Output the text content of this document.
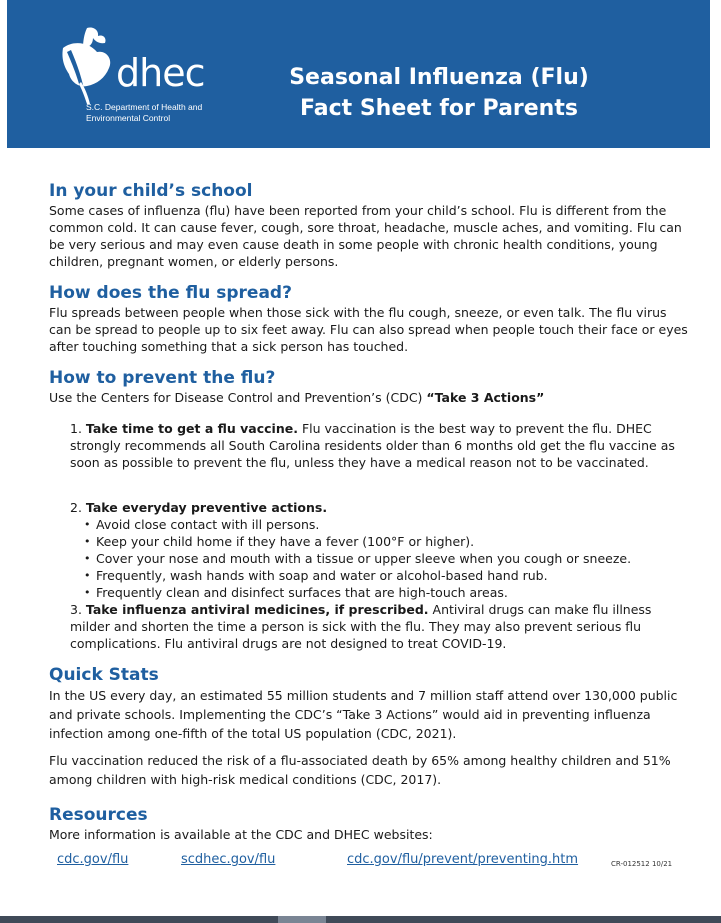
dhec
S.C. Department of Health and
Environmental Control
Seasonal Influenza (Flu)
Fact Sheet for Parents
In your child’s school

Some cases of influenza (flu) have been reported from your child’s school. Flu is different from the common cold. It can cause fever, cough, sore throat, headache, muscle aches, and vomiting. Flu can be very serious and may even cause death in some people with chronic health conditions, young children, pregnant women, or elderly persons.

How does the flu spread?

Flu spreads between people when those sick with the flu cough, sneeze, or even talk. The flu virus can be spread to people up to six feet away. Flu can also spread when people touch their face or eyes after touching something that a sick person has touched.

How to prevent the flu?

Use the Centers for Disease Control and Prevention’s (CDC) “Take 3 Actions”

1. Take time to get a flu vaccine. Flu vaccination is the best way to prevent the flu. DHEC strongly recommends all South Carolina residents older than 6 months old get the flu vaccine as soon as possible to prevent the flu, unless they have a medical reason not to be vaccinated.

2. Take everyday preventive actions.

• Avoid close contact with ill persons.
• Keep your child home if they have a fever (100°F or higher).
• Cover your nose and mouth with a tissue or upper sleeve when you cough or sneeze.
• Frequently, wash hands with soap and water or alcohol-based hand rub.
• Frequently clean and disinfect surfaces that are high-touch areas.

3. Take influenza antiviral medicines, if prescribed. Antiviral drugs can make flu illness milder and shorten the time a person is sick with the flu. They may also prevent serious flu complications. Flu antiviral drugs are not designed to treat COVID-19.

Quick Stats

In the US every day, an estimated 55 million students and 7 million staff attend over 130,000 public and private schools. Implementing the CDC’s “Take 3 Actions” would aid in preventing influenza infection among one-fifth of the total US population (CDC, 2021).

Flu vaccination reduced the risk of a flu-associated death by 65% among healthy children and 51% among children with high-risk medical conditions (CDC, 2017).

Resources

More information is available at the CDC and DHEC websites:

cdc.gov/flu	scdhec.gov/flu	cdc.gov/flu/prevent/preventing.htm	CR-012512 10/21
